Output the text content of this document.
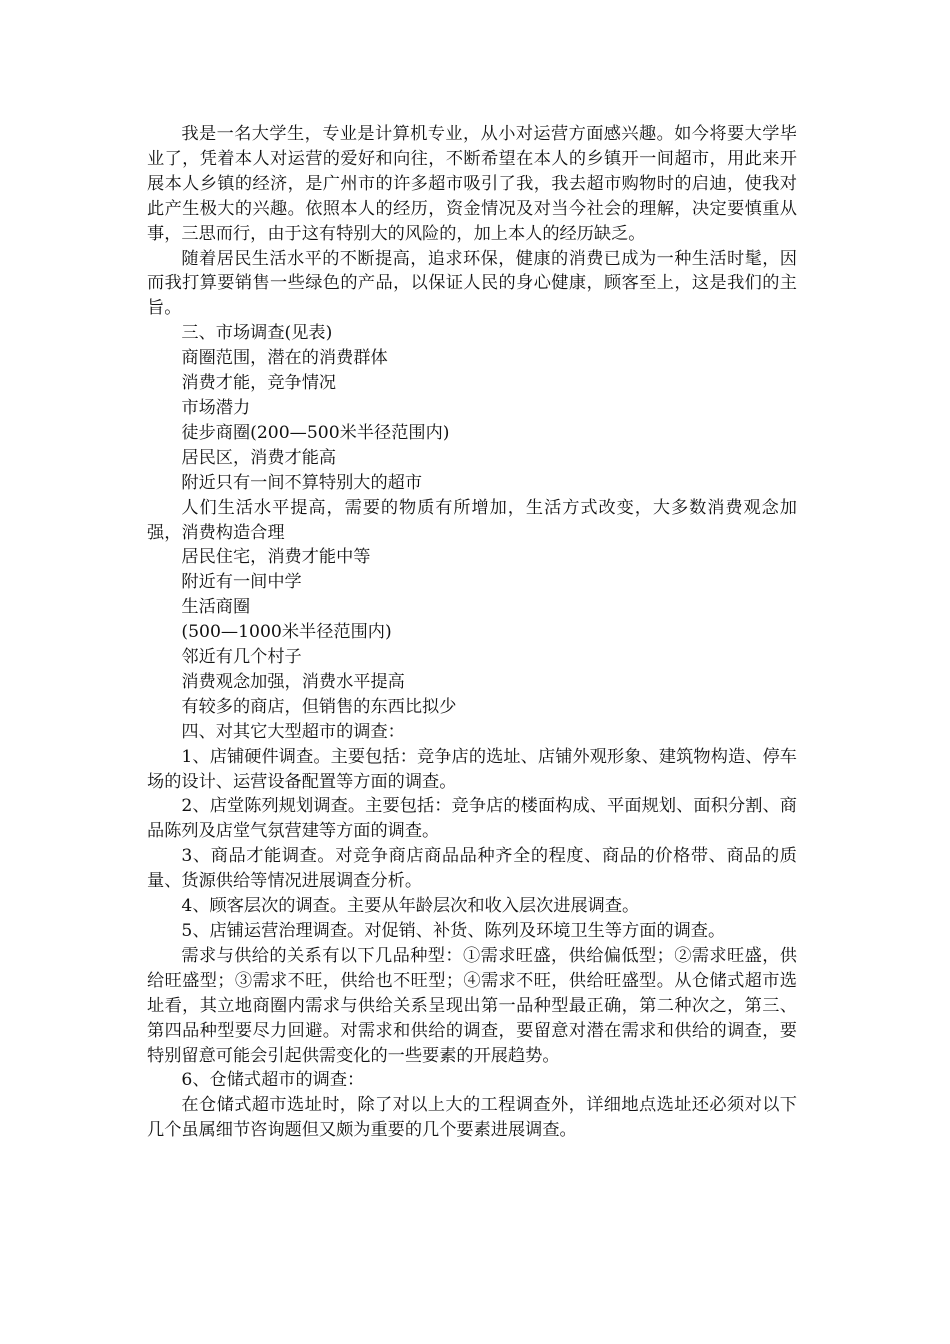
我是一名大学生，专业是计算机专业，从小对运营方面感兴趣。如今将要大学毕业了，凭着本人对运营的爱好和向往，不断希望在本人的乡镇开一间超市，用此来开展本人乡镇的经济，是广州市的许多超市吸引了我，我去超市购物时的启迪，使我对此产生极大的兴趣。依照本人的经历，资金情况及对当今社会的理解，决定要慎重从事，三思而行，由于这有特别大的风险的，加上本人的经历缺乏。

随着居民生活水平的不断提高，追求环保，健康的消费已成为一种生活时髦，因而我打算要销售一些绿色的产品，以保证人民的身心健康，顾客至上，这是我们的主旨。

三、市场调查(见表)

商圈范围，潜在的消费群体

消费才能，竞争情况

市场潜力

徒步商圈(200—500米半径范围内)

居民区，消费才能高

附近只有一间不算特别大的超市

人们生活水平提高，需要的物质有所增加，生活方式改变，大多数消费观念加强，消费构造合理

居民住宅，消费才能中等

附近有一间中学

生活商圈

(500—1000米半径范围内)

邻近有几个村子

消费观念加强，消费水平提高

有较多的商店，但销售的东西比拟少

四、对其它大型超市的调查：

1、店铺硬件调查。主要包括：竞争店的选址、店铺外观形象、建筑物构造、停车场的设计、运营设备配置等方面的调查。

2、店堂陈列规划调查。主要包括：竞争店的楼面构成、平面规划、面积分割、商品陈列及店堂气氛营建等方面的调查。

3、商品才能调查。对竞争商店商品品种齐全的程度、商品的价格带、商品的质量、货源供给等情况进展调查分析。

4、顾客层次的调查。主要从年龄层次和收入层次进展调查。

5、店铺运营治理调查。对促销、补货、陈列及环境卫生等方面的调查。

需求与供给的关系有以下几品种型：①需求旺盛，供给偏低型；②需求旺盛，供给旺盛型；③需求不旺，供给也不旺型；④需求不旺，供给旺盛型。从仓储式超市选址看，其立地商圈内需求与供给关系呈现出第一品种型最正确，第二种次之，第三、第四品种型要尽力回避。对需求和供给的调查，要留意对潜在需求和供给的调查，要特别留意可能会引起供需变化的一些要素的开展趋势。

6、仓储式超市的调查：

在仓储式超市选址时，除了对以上大的工程调查外，详细地点选址还必须对以下几个虽属细节咨询题但又颇为重要的几个要素进展调查。
